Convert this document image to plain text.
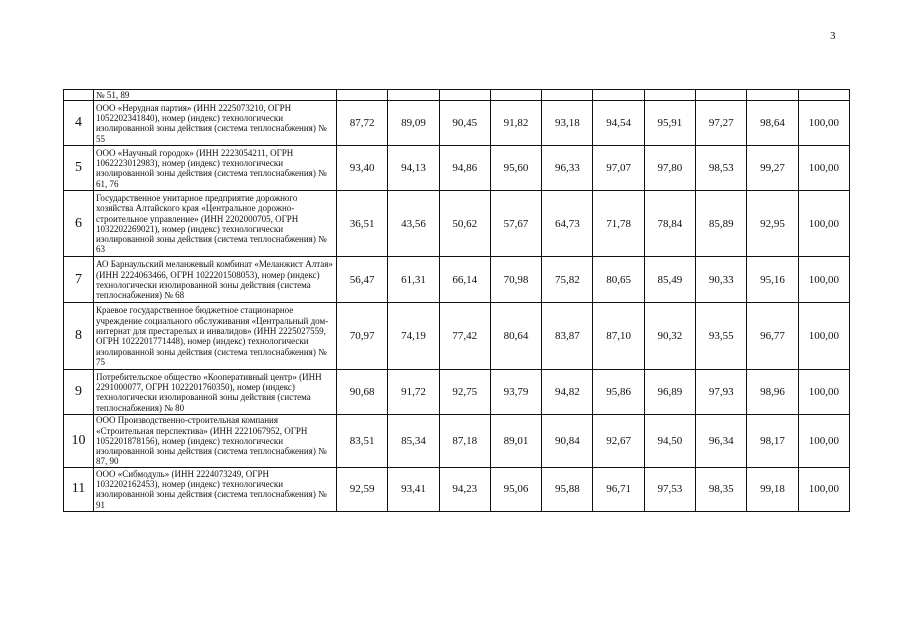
3
	№ 51, 89										
4	ООО «Нерудная партия» (ИНН 2225073210, ОГРН 1052202341840), номер (индекс) технологически изолированной зоны действия (система теплоснабжения) № 55	87,72	89,09	90,45	91,82	93,18	94,54	95,91	97,27	98,64	100,00
5	ООО «Научный городок» (ИНН 2223054211, ОГРН 1062223012983), номер (индекс) технологически изолированной зоны действия (система теплоснабжения) № 61, 76	93,40	94,13	94,86	95,60	96,33	97,07	97,80	98,53	99,27	100,00
6	Государственное унитарное предприятие дорожного хозяйства Алтайского края «Центральное дорожно-строительное управление» (ИНН 2202000705, ОГРН 1032202269021), номер (индекс) технологически изолированной зоны действия (система теплоснабжения) № 63	36,51	43,56	50,62	57,67	64,73	71,78	78,84	85,89	92,95	100,00
7	АО Барнаульский меланжевый комбинат «Меланжист Алтая» (ИНН 2224063466, ОГРН 1022201508053), номер (индекс) технологически изолированной зоны действия (система теплоснабжения) № 68	56,47	61,31	66,14	70,98	75,82	80,65	85,49	90,33	95,16	100,00
8	Краевое государственное бюджетное стационарное учреждение социального обслуживания «Центральный дом-интернат для престарелых и инвалидов» (ИНН 2225027559, ОГРН 1022201771448), номер (индекс) технологически изолированной зоны действия (система теплоснабжения) № 75	70,97	74,19	77,42	80,64	83,87	87,10	90,32	93,55	96,77	100,00
9	Потребительское общество «Кооперативный центр» (ИНН 2291000077, ОГРН 1022201760350), номер (индекс) технологически изолированной зоны действия (система теплоснабжения) № 80	90,68	91,72	92,75	93,79	94,82	95,86	96,89	97,93	98,96	100,00
10	ООО Производственно-строительная компания «Строительная перспектива» (ИНН 2221067952, ОГРН 1052201878156), номер (индекс) технологически изолированной зоны действия (система теплоснабжения) № 87, 90	83,51	85,34	87,18	89,01	90,84	92,67	94,50	96,34	98,17	100,00
11	ООО «Сибмодуль» (ИНН 2224073249, ОГРН 1032202162453), номер (индекс) технологически изолированной зоны действия (система теплоснабжения) № 91	92,59	93,41	94,23	95,06	95,88	96,71	97,53	98,35	99,18	100,00
